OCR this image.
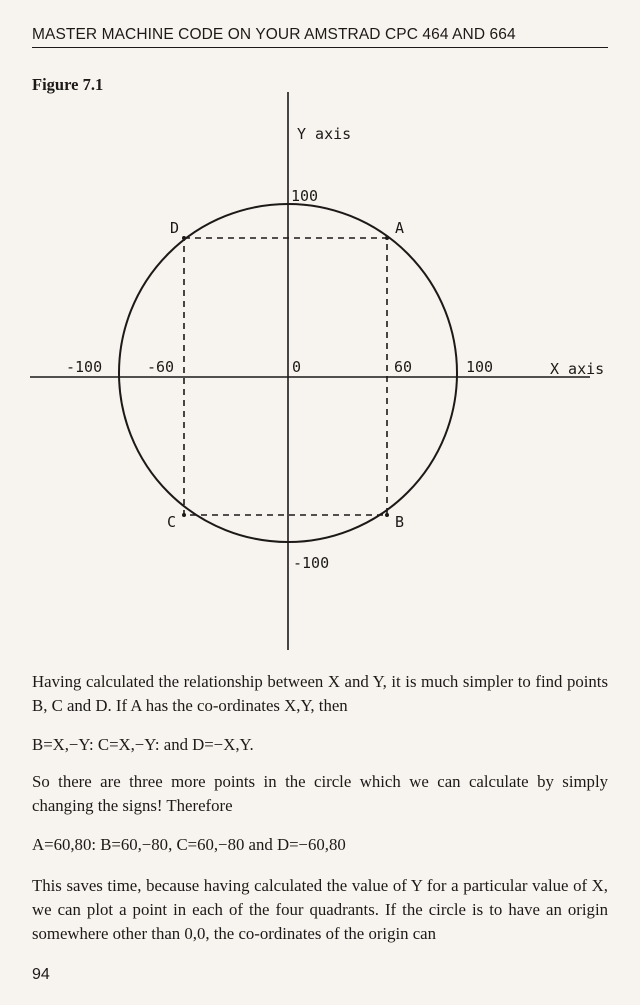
MASTER MACHINE CODE ON YOUR AMSTRAD CPC 464 AND 664
Figure 7.1
Y axis
100
D	A
-100	-60	0	60	100	X axis
C	B
-100

Having calculated the relationship between X and Y, it is much simpler to find points B, C and D. If A has the co-ordinates X,Y, then

B=X,−Y: C=X,−Y: and D=−X,Y.

So there are three more points in the circle which we can calculate by simply changing the signs! Therefore

A=60,80: B=60,−80, C=60,−80 and D=−60,80

This saves time, because having calculated the value of Y for a particular value of X, we can plot a point in each of the four quadrants. If the circle is to have an origin somewhere other than 0,0, the co-ordinates of the origin can

94
